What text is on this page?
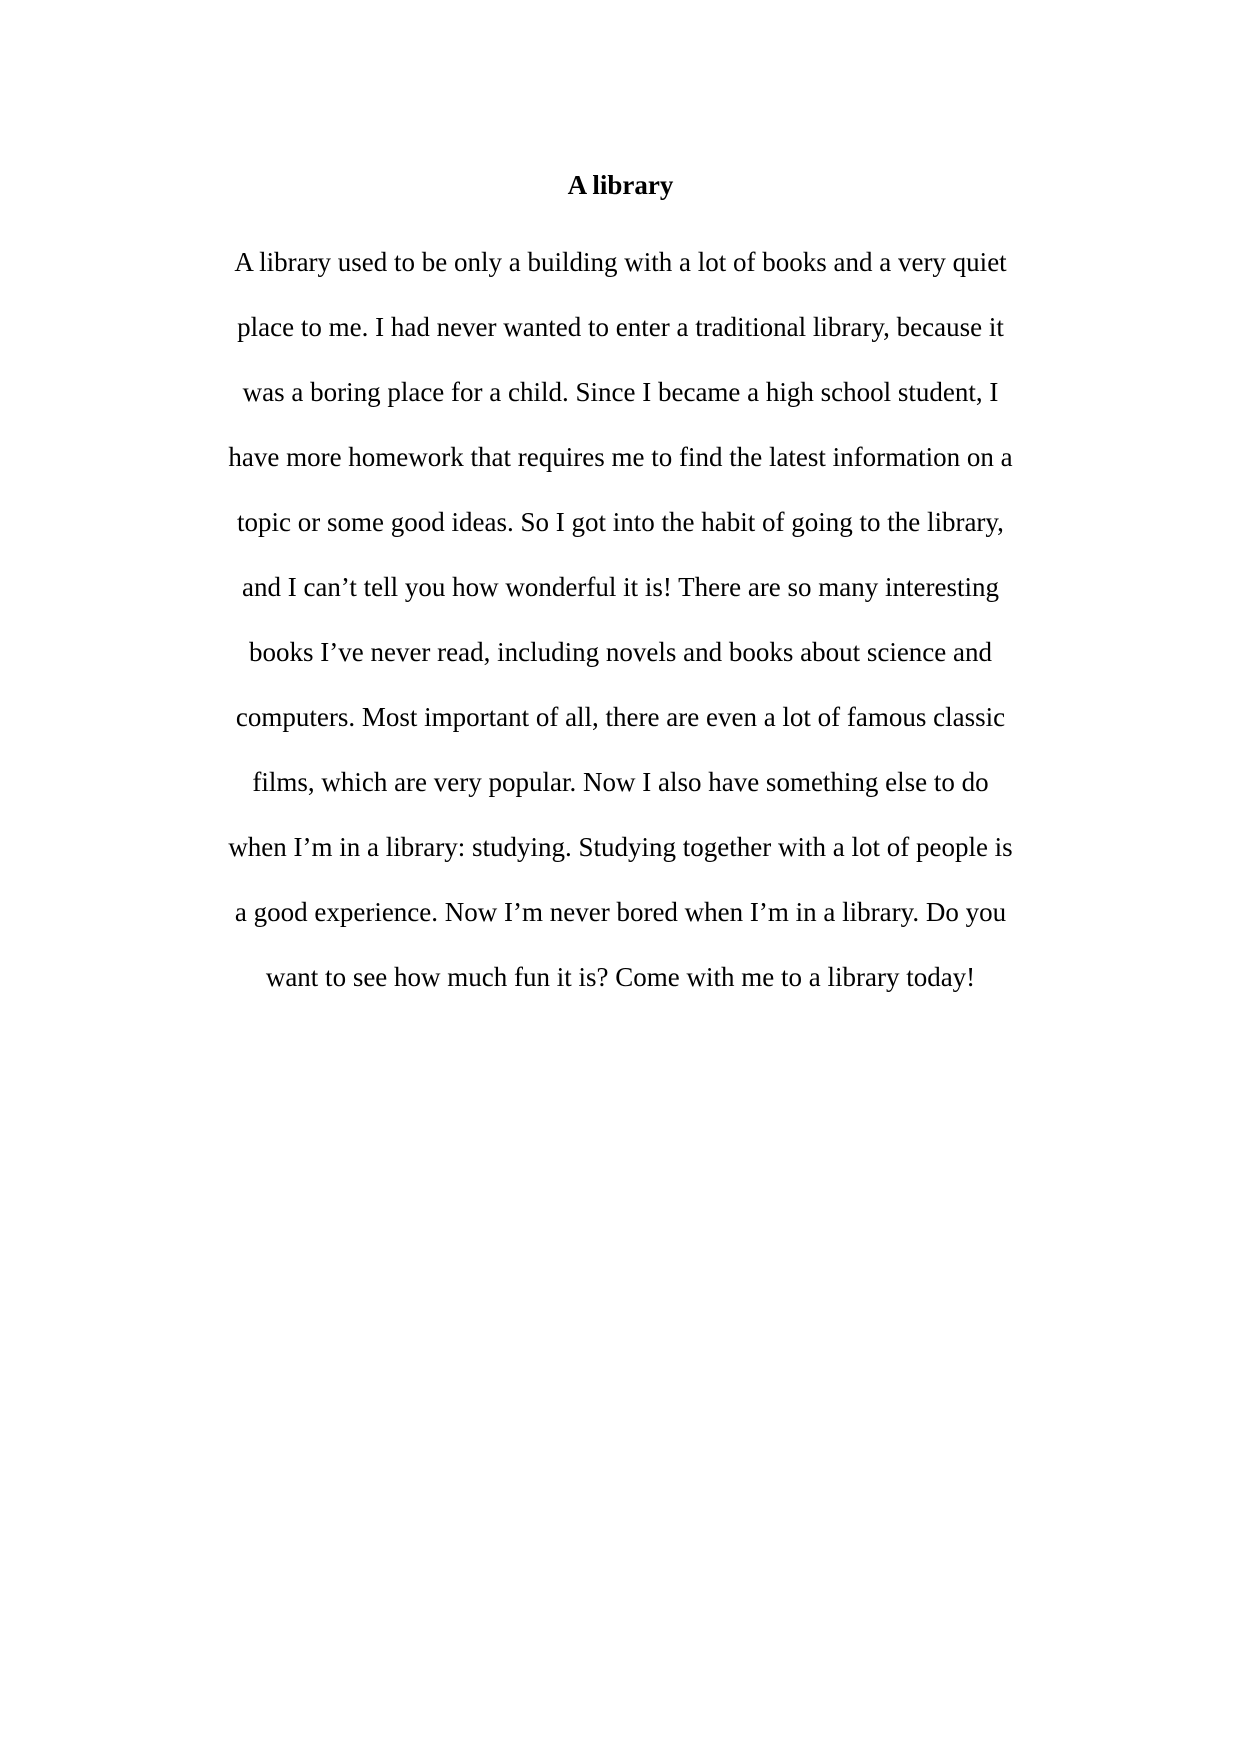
A library
A library used to be only a building with a lot of books and a very quiet
place to me. I had never wanted to enter a traditional library, because it
was a boring place for a child. Since I became a high school student, I
have more homework that requires me to find the latest information on a
topic or some good ideas. So I got into the habit of going to the library,
and I can’t tell you how wonderful it is! There are so many interesting
books I’ve never read, including novels and books about science and
computers. Most important of all, there are even a lot of famous classic
films, which are very popular. Now I also have something else to do
when I’m in a library: studying. Studying together with a lot of people is
a good experience. Now I’m never bored when I’m in a library. Do you
want to see how much fun it is? Come with me to a library today!
